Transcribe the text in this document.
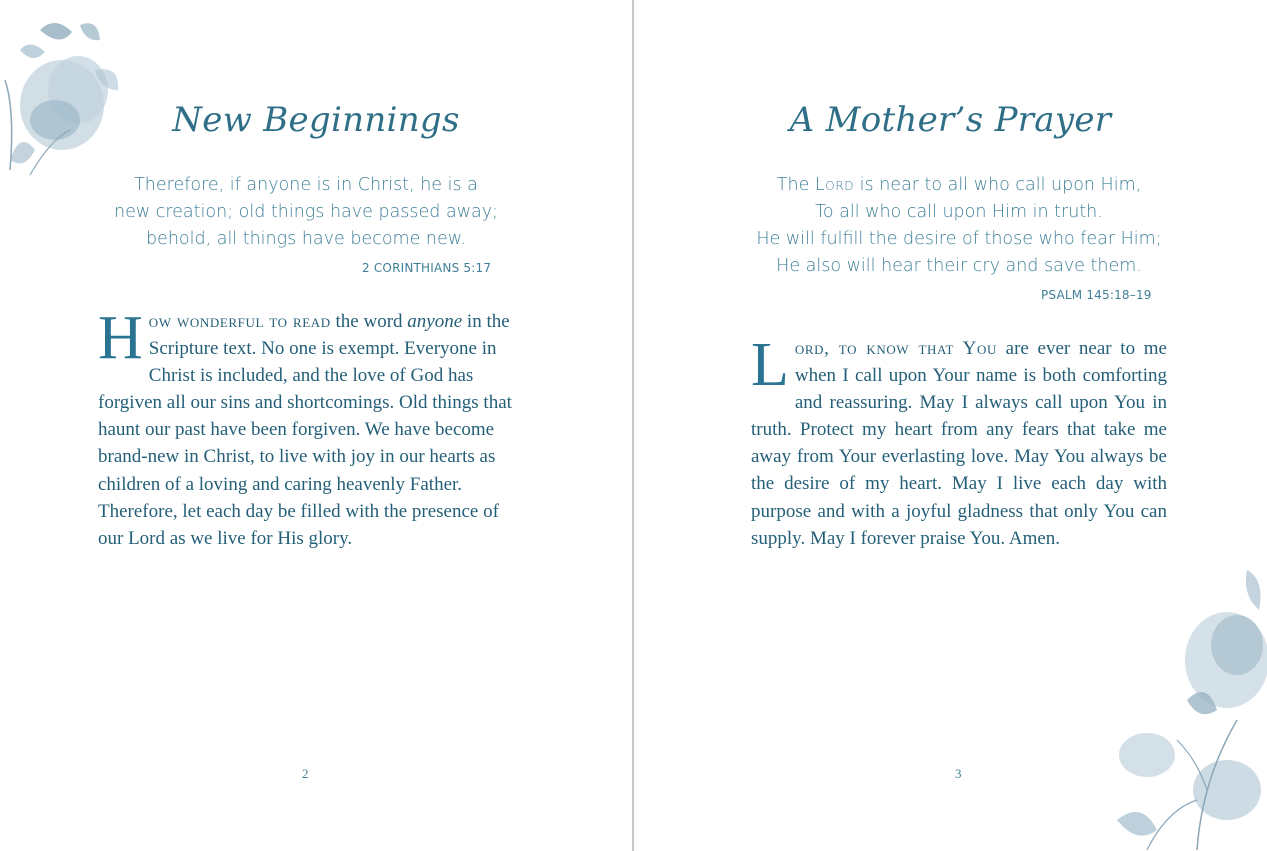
New Beginnings
Therefore, if anyone is in Christ, he is a
new creation; old things have passed away;
behold, all things have become new.
2 CORINTHIANS 5:17
How wonderful to read the word anyone in the Scripture text. No one is exempt. Everyone in Christ is included, and the love of God has forgiven all our sins and shortcomings. Old things that haunt our past have been forgiven. We have become brand-new in Christ, to live with joy in our hearts as children of a loving and caring heavenly Father. Therefore, let each day be filled with the presence of our Lord as we live for His glory.
2
A Mother’s Prayer
The Lord is near to all who call upon Him,
To all who call upon Him in truth.
He will fulfill the desire of those who fear Him;
He also will hear their cry and save them.
PSALM 145:18–19
Lord, to know that You are ever near to me when I call upon Your name is both comforting and reassuring. May I always call upon You in truth. Protect my heart from any fears that take me away from Your everlasting love. May You always be the desire of my heart. May I live each day with purpose and with a joyful gladness that only You can supply. May I forever praise You. Amen.
3
